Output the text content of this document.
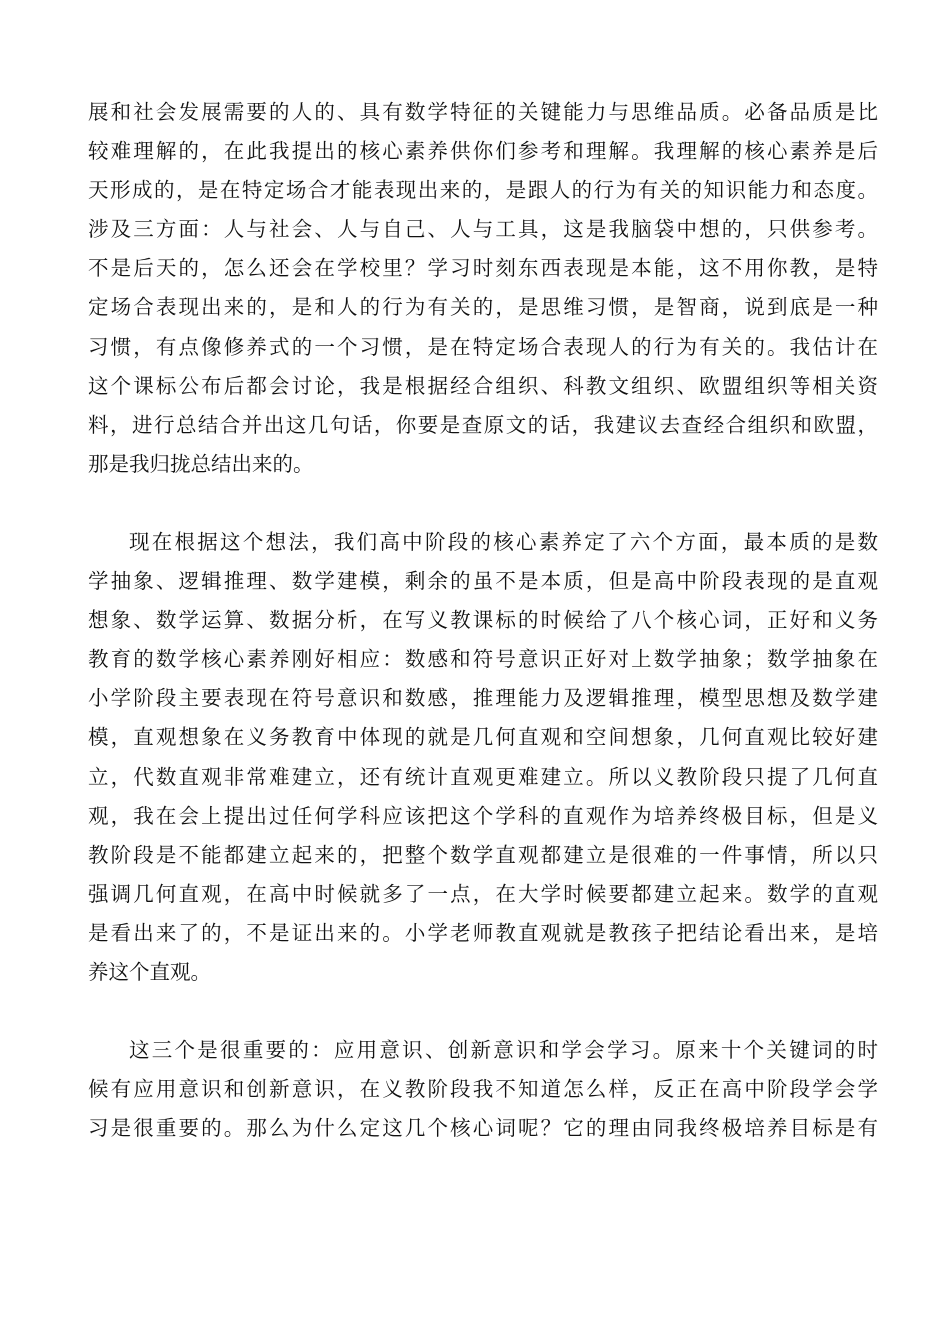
展和社会发展需要的人的、具有数学特征的关键能力与思维品质。必备品质是比
较难理解的，在此我提出的核心素养供你们参考和理解。我理解的核心素养是后
天形成的，是在特定场合才能表现出来的，是跟人的行为有关的知识能力和态度。
涉及三方面：人与社会、人与自己、人与工具，这是我脑袋中想的，只供参考。
不是后天的，怎么还会在学校里？学习时刻东西表现是本能，这不用你教，是特
定场合表现出来的，是和人的行为有关的，是思维习惯，是智商，说到底是一种
习惯，有点像修养式的一个习惯，是在特定场合表现人的行为有关的。我估计在
这个课标公布后都会讨论，我是根据经合组织、科教文组织、欧盟组织等相关资
料，进行总结合并出这几句话，你要是查原文的话，我建议去查经合组织和欧盟，
那是我归拢总结出来的。

现在根据这个想法，我们高中阶段的核心素养定了六个方面，最本质的是数
学抽象、逻辑推理、数学建模，剩余的虽不是本质，但是高中阶段表现的是直观
想象、数学运算、数据分析，在写义教课标的时候给了八个核心词，正好和义务
教育的数学核心素养刚好相应：数感和符号意识正好对上数学抽象；数学抽象在
小学阶段主要表现在符号意识和数感，推理能力及逻辑推理，模型思想及数学建
模，直观想象在义务教育中体现的就是几何直观和空间想象，几何直观比较好建
立，代数直观非常难建立，还有统计直观更难建立。所以义教阶段只提了几何直
观，我在会上提出过任何学科应该把这个学科的直观作为培养终极目标，但是义
教阶段是不能都建立起来的，把整个数学直观都建立是很难的一件事情，所以只
强调几何直观，在高中时候就多了一点，在大学时候要都建立起来。数学的直观
是看出来了的，不是证出来的。小学老师教直观就是教孩子把结论看出来，是培
养这个直观。

这三个是很重要的：应用意识、创新意识和学会学习。原来十个关键词的时
候有应用意识和创新意识，在义教阶段我不知道怎么样，反正在高中阶段学会学
习是很重要的。那么为什么定这几个核心词呢？它的理由同我终极培养目标是有
